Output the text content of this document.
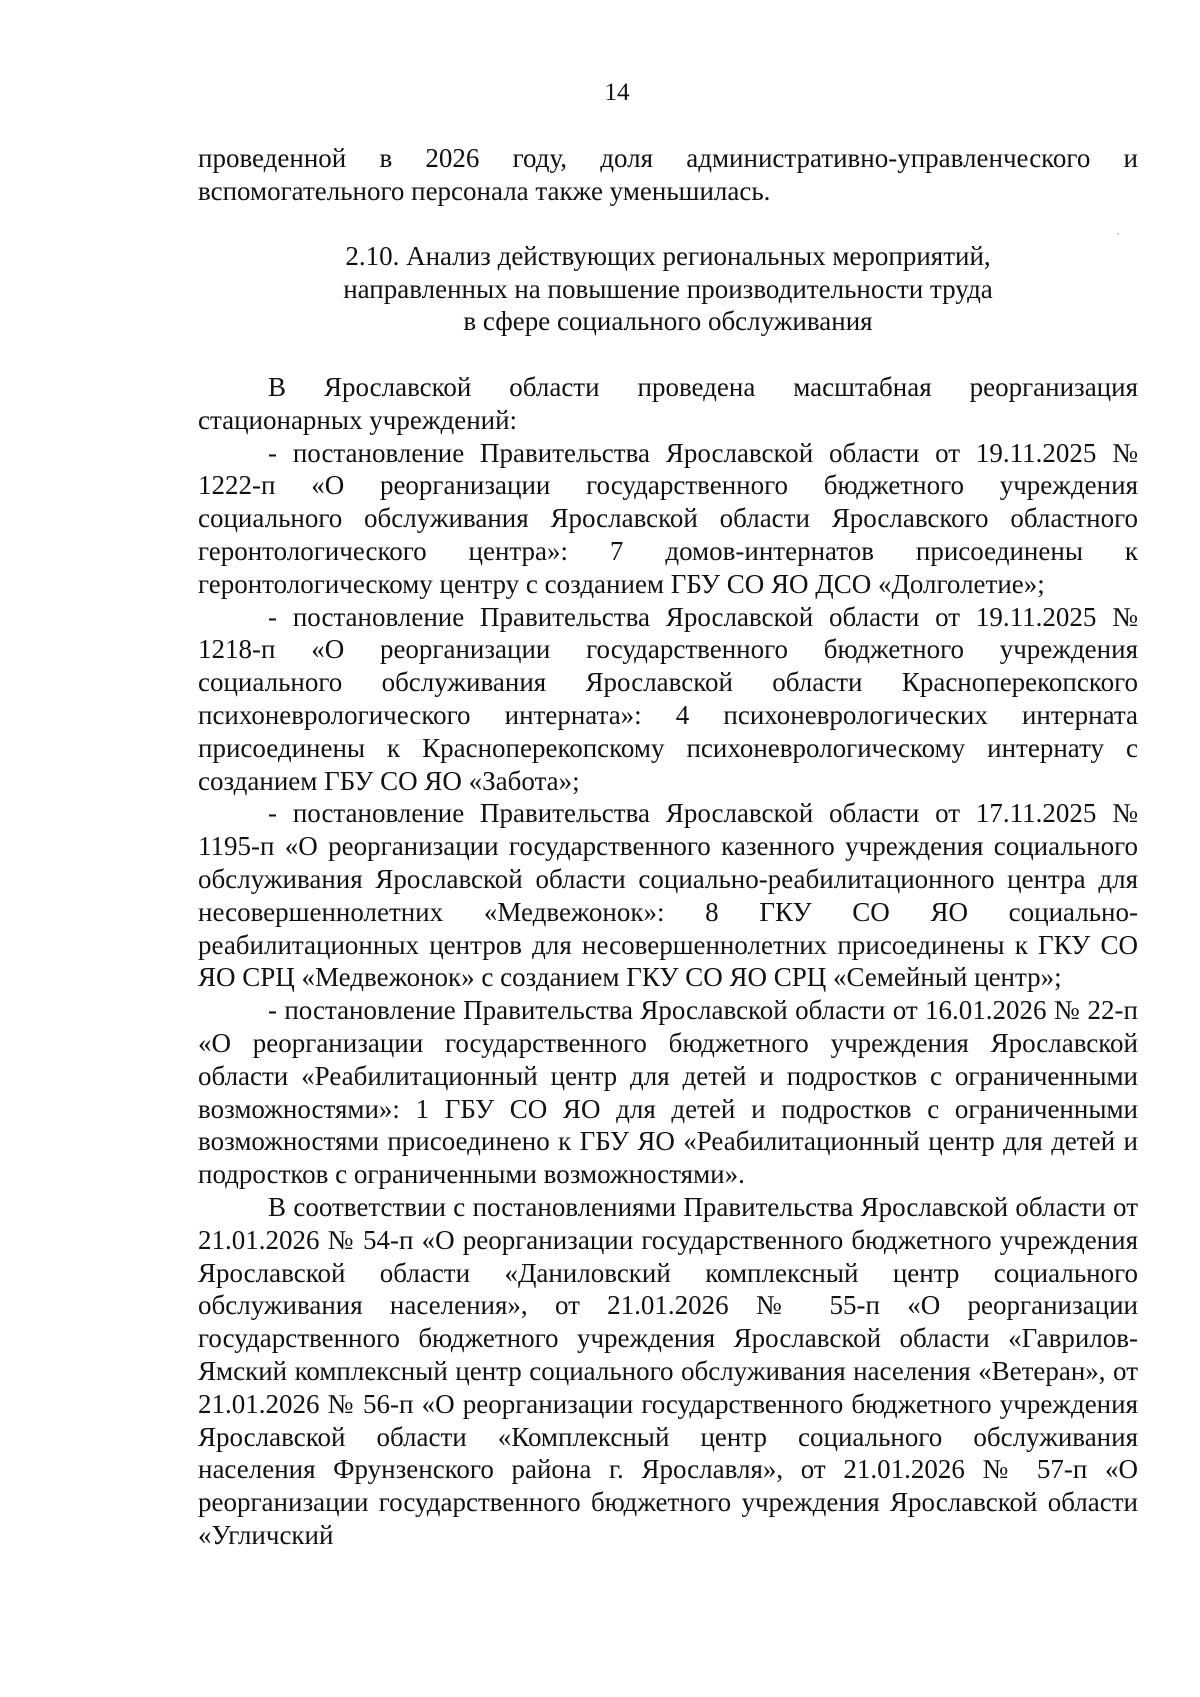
14

проведенной в 2026 году, доля административно-управленческого и вспомогательного персонала также уменьшилась.

2.10. Анализ действующих региональных мероприятий,
направленных на повышение производительности труда
в сфере социального обслуживания

В Ярославской области проведена масштабная реорганизация стационарных учреждений:

- постановление Правительства Ярославской области от 19.11.2025 № 1222-п «О реорганизации государственного бюджетного учреждения социального обслуживания Ярославской области Ярославского областного геронтологического центра»: 7 домов-интернатов присоединены к геронтологическому центру с созданием ГБУ СО ЯО ДСО «Долголетие»;

- постановление Правительства Ярославской области от 19.11.2025 № 1218-п «О реорганизации государственного бюджетного учреждения социального обслуживания Ярославской области Краснoперекопского психоневрологического интерната»: 4 психоневрологических интерната присоединены к Красноперекопскому психоневрологическому интернату с созданием ГБУ СО ЯО «Забота»;

- постановление Правительства Ярославской области от 17.11.2025 № 1195-п «О реорганизации государственного казенного учреждения социального обслуживания Ярославской области социально-реабилитационного центра для несовершеннолетних «Медвежонок»: 8 ГКУ СО ЯО социально-реабилитационных центров для несовершеннолетних присоединены к ГКУ СО ЯО СРЦ «Медвежонок» с созданием ГКУ СО ЯО СРЦ «Семейный центр»;

- постановление Правительства Ярославской области от 16.01.2026 № 22-п «О реорганизации государственного бюджетного учреждения Ярославской области «Реабилитационный центр для детей и подростков с ограниченными возможностями»: 1 ГБУ СО ЯО для детей и подростков с ограниченными возможностями присоединено к ГБУ ЯО «Реабилитационный центр для детей и подростков с ограниченными возможностями».

В соответствии с постановлениями Правительства Ярославской области от 21.01.2026 № 54-п «О реорганизации государственного бюджетного учреждения Ярославской области «Даниловский комплексный центр социального обслуживания населения», от 21.01.2026 № 55-п «О реорганизации государственного бюджетного учреждения Ярославской области «Гаврилов-Ямский комплексный центр социального обслуживания населения «Ветеран», от 21.01.2026 № 56-п «О реорганизации государственного бюджетного учреждения Ярославской области «Комплексный центр социального обслуживания населения Фрунзенского района г. Ярославля», от 21.01.2026 № 57-п «О реорганизации государственного бюджетного учреждения Ярославской области «Угличский
